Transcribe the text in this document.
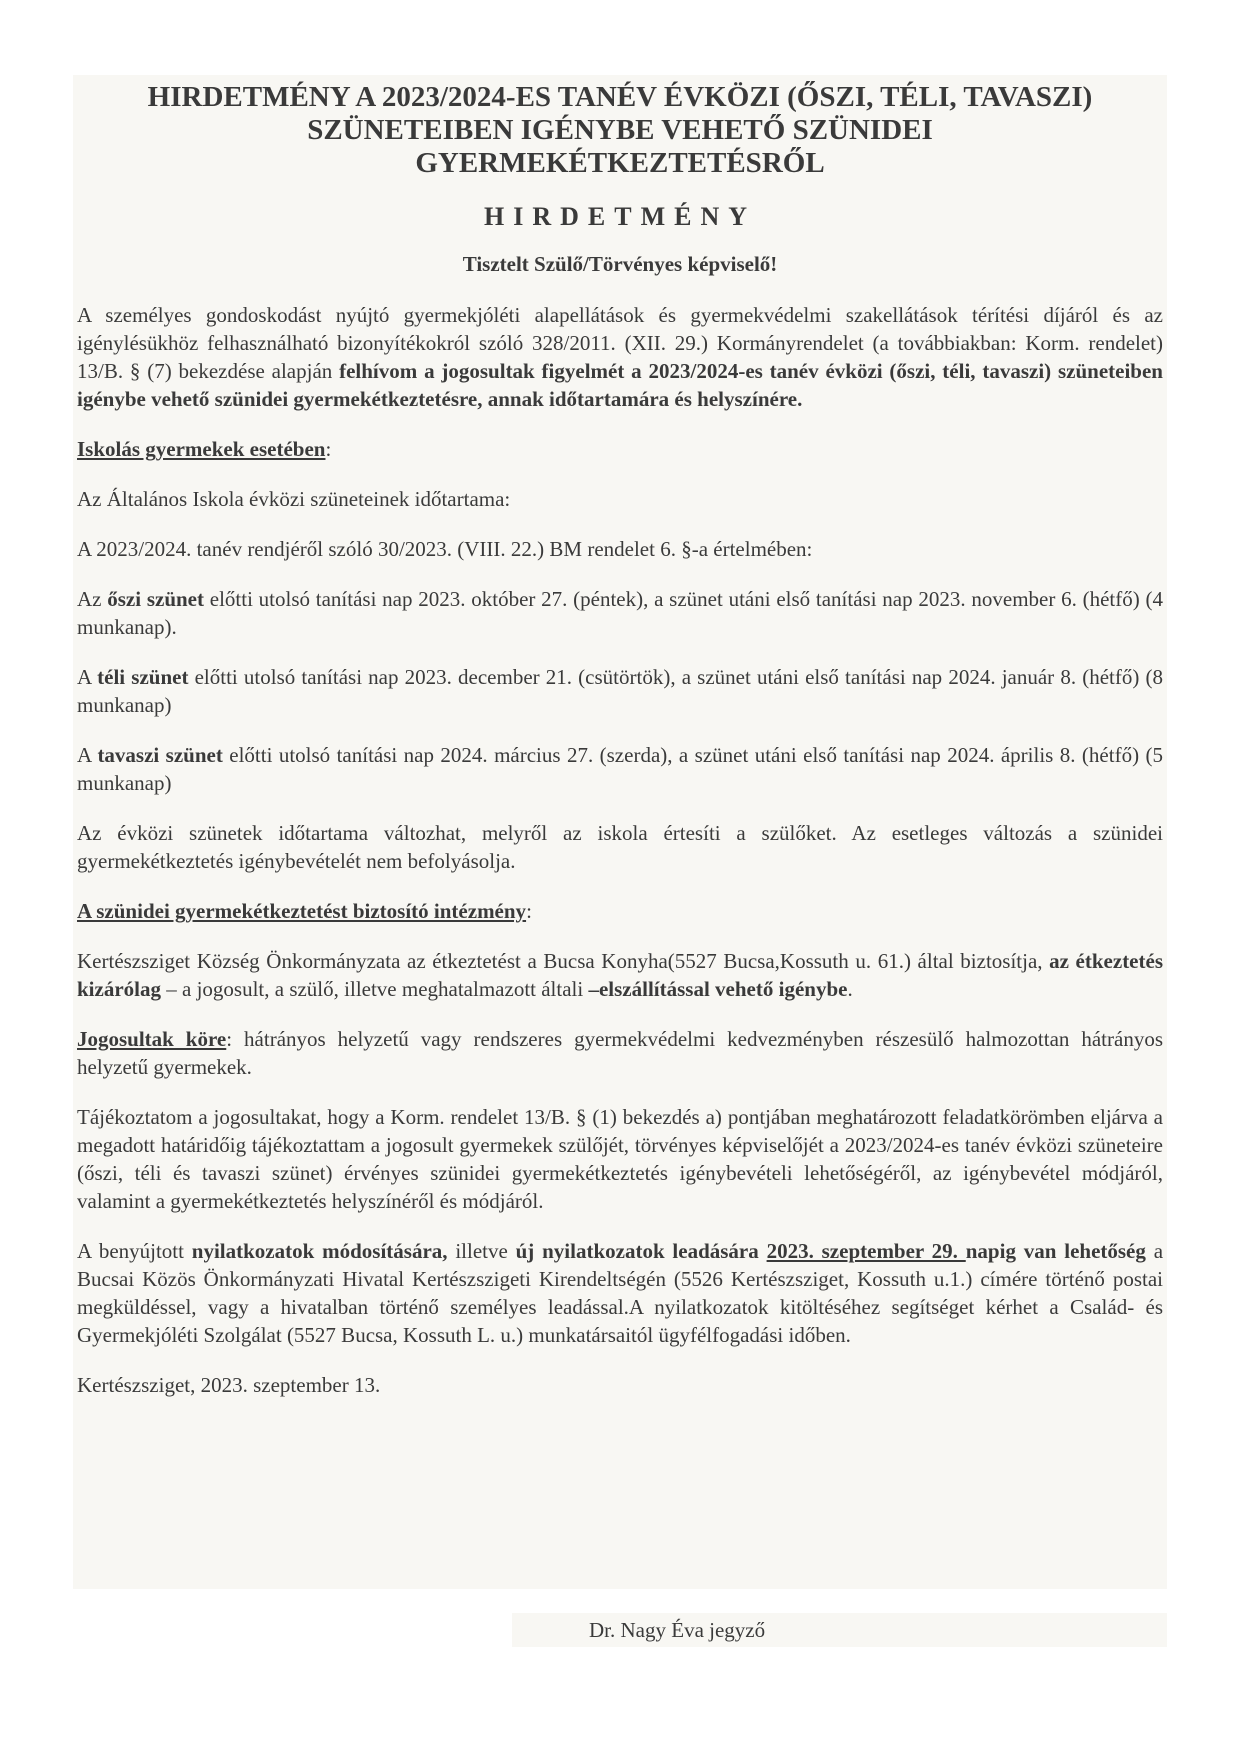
HIRDETMÉNY A 2023/2024-ES TANÉV ÉVKÖZI (ŐSZI, TÉLI, TAVASZI)
SZÜNETEIBEN IGÉNYBE VEHETŐ SZÜNIDEI
GYERMEKÉTKEZTETÉSRŐL
HIRDETMÉNY
Tisztelt Szülő/Törvényes képviselő!

A személyes gondoskodást nyújtó gyermekjóléti alapellátások és gyermekvédelmi szakellátások térítési díjáról és az igénylésükhöz felhasználható bizonyítékokról szóló 328/2011. (XII. 29.) Kormányrendelet (a továbbiakban: Korm. rendelet) 13/B. § (7) bekezdése alapján felhívom a jogosultak figyelmét a 2023/2024-es tanév évközi (őszi, téli, tavaszi) szüneteiben igénybe vehető szünidei gyermekétkeztetésre, annak időtartamára és helyszínére.

Iskolás gyermekek esetében:

Az Általános Iskola évközi szüneteinek időtartama:

A 2023/2024. tanév rendjéről szóló 30/2023. (VIII. 22.) BM rendelet 6. §-a értelmében:

Az őszi szünet előtti utolsó tanítási nap 2023. október 27. (péntek), a szünet utáni első tanítási nap 2023. november 6. (hétfő) (4 munkanap).

A téli szünet előtti utolsó tanítási nap 2023. december 21. (csütörtök), a szünet utáni első tanítási nap 2024. január 8. (hétfő) (8 munkanap)

A tavaszi szünet előtti utolsó tanítási nap 2024. március 27. (szerda), a szünet utáni első tanítási nap 2024. április 8. (hétfő) (5 munkanap)

Az évközi szünetek időtartama változhat, melyről az iskola értesíti a szülőket. Az esetleges változás a szünidei gyermekétkeztetés igénybevételét nem befolyásolja.

A szünidei gyermekétkeztetést biztosító intézmény:

Kertészsziget Község Önkormányzata az étkeztetést a Bucsa Konyha(5527 Bucsa,Kossuth u. 61.) által biztosítja, az étkeztetés kizárólag – a jogosult, a szülő, illetve meghatalmazott általi –elszállítással vehető igénybe.

Jogosultak köre: hátrányos helyzetű vagy rendszeres gyermekvédelmi kedvezményben részesülő halmozottan hátrányos helyzetű gyermekek.

Tájékoztatom a jogosultakat, hogy a Korm. rendelet 13/B. § (1) bekezdés a) pontjában meghatározott feladatkörömben eljárva a megadott határidőig tájékoztattam a jogosult gyermekek szülőjét, törvényes képviselőjét a 2023/2024-es tanév évközi szüneteire (őszi, téli és tavaszi szünet) érvényes szünidei gyermekétkeztetés igénybevételi lehetőségéről, az igénybevétel módjáról, valamint a gyermekétkeztetés helyszínéről és módjáról.

A benyújtott nyilatkozatok módosítására, illetve új nyilatkozatok leadására 2023. szeptember 29. napig van lehetőség a Bucsai Közös Önkormányzati Hivatal Kertészszigeti Kirendeltségén (5526 Kertészsziget, Kossuth u.1.) címére történő postai megküldéssel, vagy a hivatalban történő személyes leadással.A nyilatkozatok kitöltéséhez segítséget kérhet a Család- és Gyermekjóléti Szolgálat (5527 Bucsa, Kossuth L. u.) munkatársaitól ügyfélfogadási időben.

Kertészsziget, 2023. szeptember 13.

Dr. Nagy Éva jegyző
